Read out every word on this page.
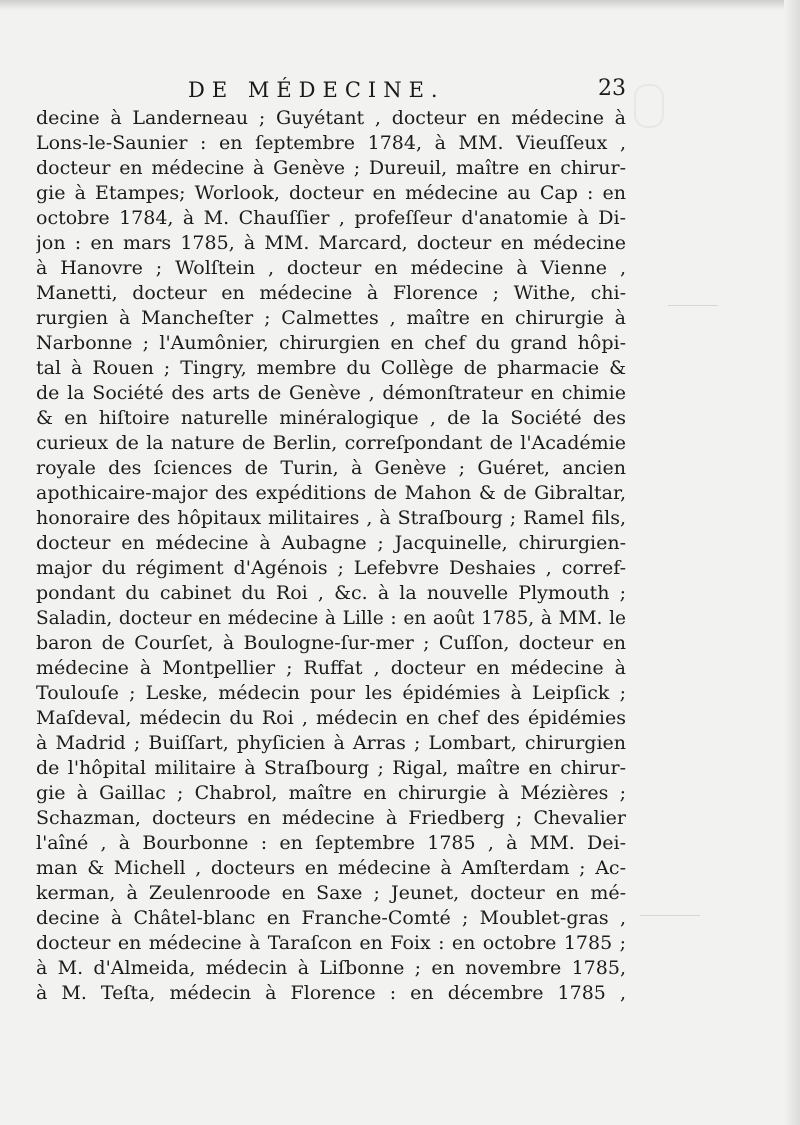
DE MÉDECINE.	23
decine à Landerneau ; Guyétant , docteur en médecine à
Lons-le-Saunier : en ſeptembre 1784, à MM. Vieuſſeux ,
docteur en médecine à Genève ; Dureuil, maître en chirur-
gie à Etampes; Worlook, docteur en médecine au Cap : en
octobre 1784, à M. Chauſſier , profeſſeur d'anatomie à Di-
jon : en mars 1785, à MM. Marcard, docteur en médecine
à Hanovre ; Wolſtein , docteur en médecine à Vienne ,
Manetti, docteur en médecine à Florence ; Withe, chi-
rurgien à Mancheſter ; Calmettes , maître en chirurgie à
Narbonne ; l'Aumônier, chirurgien en chef du grand hôpi-
tal à Rouen ; Tingry, membre du Collège de pharmacie &
de la Société des arts de Genève , démonſtrateur en chimie
& en hiſtoire naturelle minéralogique , de la Société des
curieux de la nature de Berlin, correſpondant de l'Académie
royale des ſciences de Turin, à Genève ; Guéret, ancien
apothicaire-major des expéditions de Mahon & de Gibraltar,
honoraire des hôpitaux militaires , à Straſbourg ; Ramel fils,
docteur en médecine à Aubagne ; Jacquinelle, chirurgien-
major du régiment d'Agénois ; Lefebvre Deshaies , corref-
pondant du cabinet du Roi , &c. à la nouvelle Plymouth ;
Saladin, docteur en médecine à Lille : en août 1785, à MM. le
baron de Courſet, à Boulogne-ſur-mer ; Cuſſon, docteur en
médecine à Montpellier ; Ruffat , docteur en médecine à
Toulouſe ; Leske, médecin pour les épidémies à Leipſick ;
Maſdeval, médecin du Roi , médecin en chef des épidémies
à Madrid ; Buiſſart, phyſicien à Arras ; Lombart, chirurgien
de l'hôpital militaire à Straſbourg ; Rigal, maître en chirur-
gie à Gaillac ; Chabrol, maître en chirurgie à Mézières ;
Schazman, docteurs en médecine à Friedberg ; Chevalier
l'aîné , à Bourbonne : en ſeptembre 1785 , à MM. Dei-
man & Michell , docteurs en médecine à Amſterdam ; Ac-
kerman, à Zeulenroode en Saxe ; Jeunet, docteur en mé-
decine à Châtel-blanc en Franche-Comté ; Moublet-gras ,
docteur en médecine à Taraſcon en Foix : en octobre 1785 ;
à M. d'Almeida, médecin à Liſbonne ; en novembre 1785,
à M. Teſta, médecin à Florence : en décembre 1785 ,
